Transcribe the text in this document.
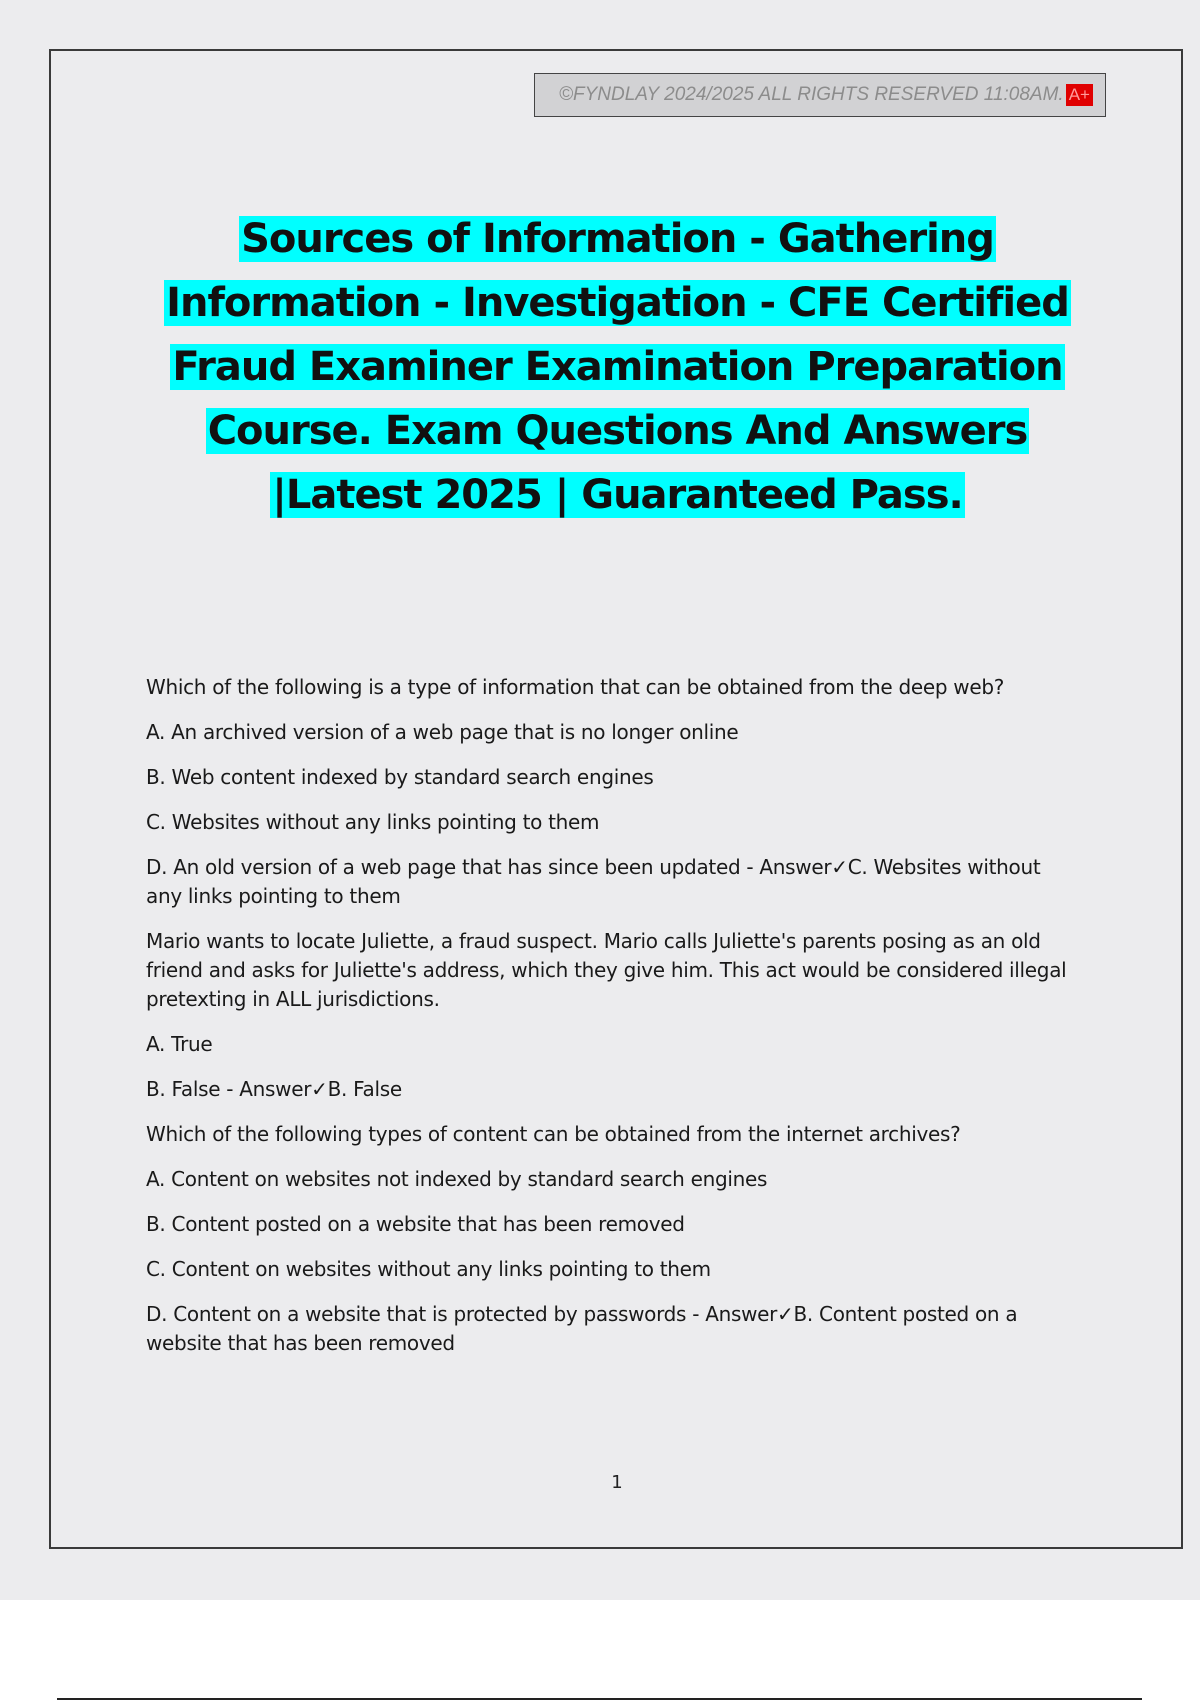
©FYNDLAY 2024/2025 ALL RIGHTS RESERVED 11:08AM. A+
Sources of Information - Gathering Information - Investigation - CFE Certified Fraud Examiner Examination Preparation Course. Exam Questions And Answers |Latest 2025 | Guaranteed Pass.

Which of the following is a type of information that can be obtained from the deep web?

A. An archived version of a web page that is no longer online

B. Web content indexed by standard search engines

C. Websites without any links pointing to them

D. An old version of a web page that has since been updated - Answer✓C. Websites without any links pointing to them

Mario wants to locate Juliette, a fraud suspect. Mario calls Juliette's parents posing as an old friend and asks for Juliette's address, which they give him. This act would be considered illegal pretexting in ALL jurisdictions.

A. True

B. False - Answer✓B. False

Which of the following types of content can be obtained from the internet archives?

A. Content on websites not indexed by standard search engines

B. Content posted on a website that has been removed

C. Content on websites without any links pointing to them

D. Content on a website that is protected by passwords - Answer✓B. Content posted on a website that has been removed

1
